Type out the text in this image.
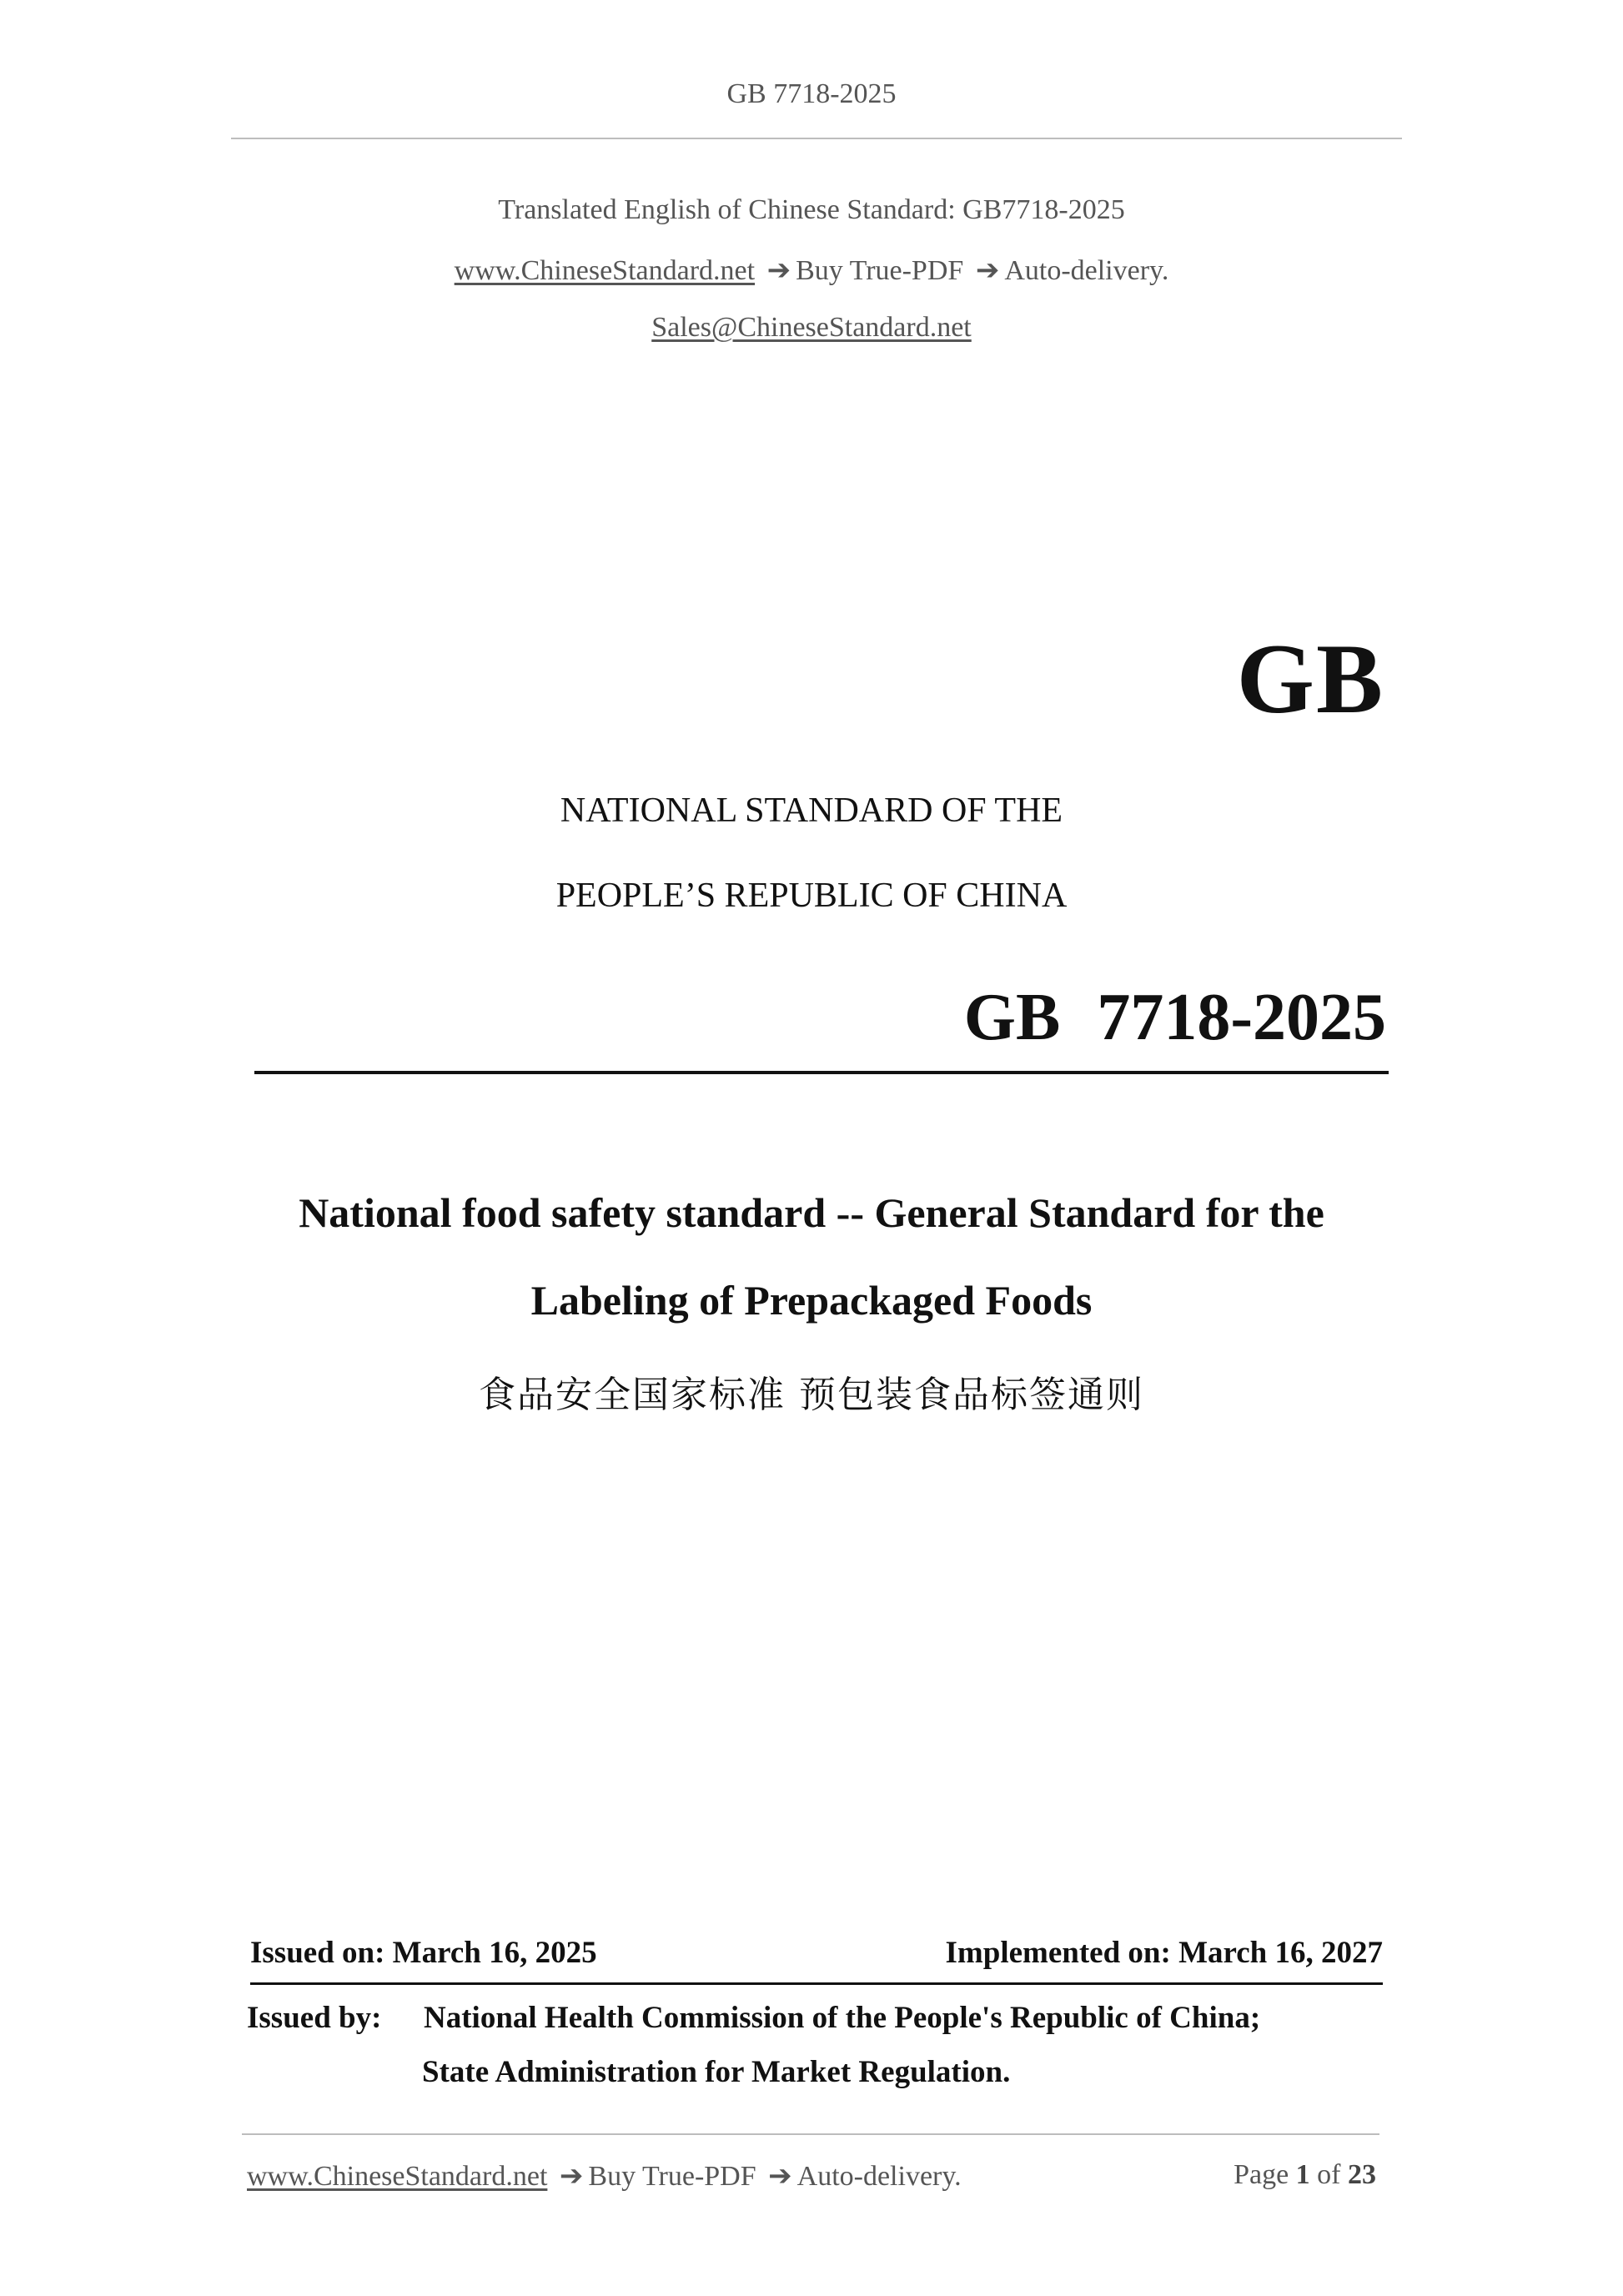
GB 7718-2025
Translated English of Chinese Standard: GB7718-2025
www.ChineseStandard.net ➔ Buy True-PDF ➔ Auto-delivery.
Sales@ChineseStandard.net
GB
NATIONAL STANDARD OF THE
PEOPLE’S REPUBLIC OF CHINA
GB 7718-2025
National food safety standard -- General Standard for the
Labeling of Prepackaged Foods
食品安全国家标准 预包装食品标签通则
Issued on: March 16, 2025	Implemented on: March 16, 2027
Issued by: National Health Commission of the People's Republic of China;
State Administration for Market Regulation.
www.ChineseStandard.net ➔ Buy True-PDF ➔ Auto-delivery.	Page 1 of 23
